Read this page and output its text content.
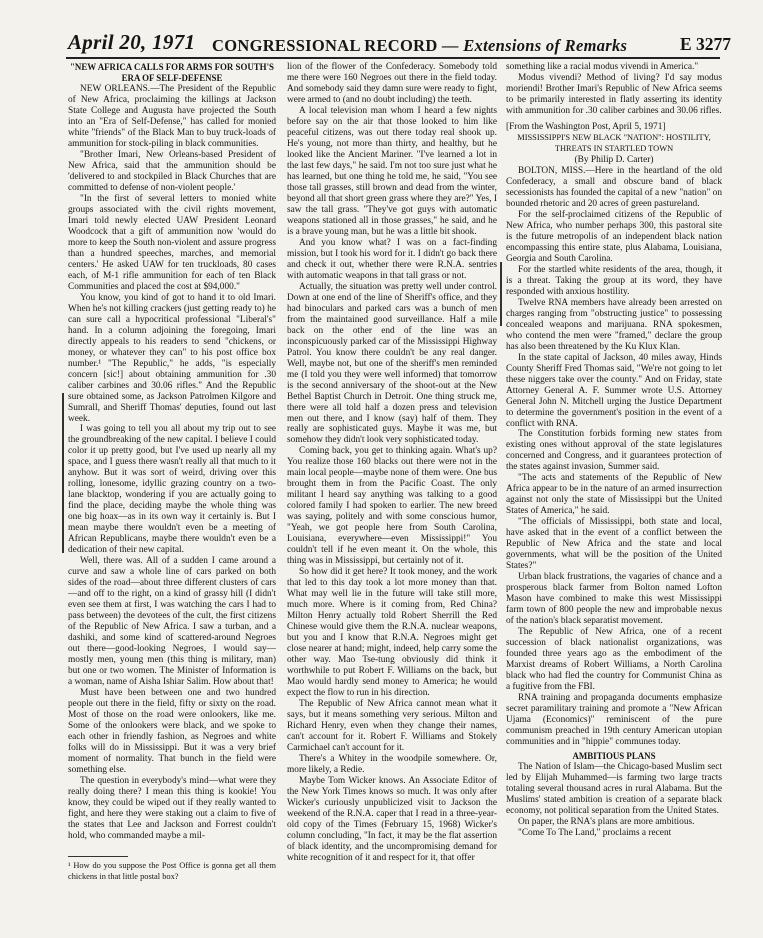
April 20, 1971 CONGRESSIONAL RECORD — Extensions of Remarks	E 3277

"NEW AFRICA CALLS FOR ARMS FOR SOUTH'S ERA OF SELF-DEFENSE

NEW ORLEANS.—The President of the Republic of New Africa, proclaiming the killings at Jackson State College and Augusta have projected the South into an "Era of Self-Defense," has called for monied white "friends" of the Black Man to buy truck-loads of ammunition for stock-piling in black communities.

"Brother Imari, New Orleans-based President of New Africa, said that the ammunition should be 'delivered to and stockpiled in Black Churches that are committed to defense of non-violent people.'

"In the first of several letters to monied white groups associated with the civil rights movement, Imari told newly elected UAW President Leonard Woodcock that a gift of ammunition now 'would do more to keep the South non-violent and assure progress than a hundred speeches, marches, and memorial centers.' He asked UAW for ten truckloads, 80 cases each, of M-1 rifle ammunition for each of ten Black Communities and placed the cost at $94,000."

You know, you kind of got to hand it to old Imari. When he's not killing crackers (just getting ready to) he can sure call a hypocritical professional "Liberal's" hand. In a column adjoining the foregoing, Imari directly appeals to his readers to send "chickens, or money, or whatever they can" to his post office box number.¹ "The Republic," he adds, "is especially concern [sic!] about obtaining ammunition for .30 caliber carbines and 30.06 rifles." And the Republic sure obtained some, as Jackson Patrolmen Kilgore and Sumrall, and Sheriff Thomas' deputies, found out last week.

I was going to tell you all about my trip out to see the groundbreaking of the new capital. I believe I could color it up pretty good, but I've used up nearly all my space, and I guess there wasn't really all that much to it anyhow. But it was sort of weird, driving over this rolling, lonesome, idyllic grazing country on a two-lane blacktop, wondering if you are actually going to find the place, deciding maybe the whole thing was one big hoax—as in its own way it certainly is. But I mean maybe there wouldn't even be a meeting of African Republicans, maybe there wouldn't even be a dedication of their new capital.

Well, there was. All of a sudden I came around a curve and saw a whole line of cars parked on both sides of the road—about three different clusters of cars—and off to the right, on a kind of grassy hill (I didn't even see them at first, I was watching the cars I had to pass between) the devotees of the cult, the first citizens of the Republic of New Africa. I saw a turban, and a dashiki, and some kind of scattered-around Negroes out there—good-looking Negroes, I would say—mostly men, young men (this thing is military, man) but one or two women. The Minister of Information is a woman, name of Aisha Ishiar Salim. How about that!

Must have been between one and two hundred people out there in the field, fifty or sixty on the road. Most of those on the road were onlookers, like me. Some of the onlookers were black, and we spoke to each other in friendly fashion, as Negroes and white folks will do in Mississippi. But it was a very brief moment of normality. That bunch in the field were something else.

The question in everybody's mind—what were they really doing there? I mean this thing is kookie! You know, they could be wiped out if they really wanted to fight, and here they were staking out a claim to five of the states that Lee and Jackson and Forrest couldn't hold, who commanded maybe a mil-

¹ How do you suppose the Post Office is gonna get all them chickens in that little postal box?

lion of the flower of the Confederacy. Somebody told me there were 160 Negroes out there in the field today. And somebody said they damn sure were ready to fight, were armed to (and no doubt including) the teeth.

A local television man whom I heard a few nights before say on the air that those looked to him like peaceful citizens, was out there today real shook up. He's young, not more than thirty, and healthy, but he looked like the Ancient Mariner. "I've learned a lot in the last few days," he said. I'm not too sure just what he has learned, but one thing he told me, he said, "You see those tall grasses, still brown and dead from the winter, beyond all that short green grass where they are?" Yes, I saw the tall grass. "They've got guys with automatic weapons stationed all in those grasses," he said, and he is a brave young man, but he was a little bit shook.

And you know what? I was on a fact-finding mission, but I took his word for it. I didn't go back there and check it out, whether there were R.N.A. sentries with automatic weapons in that tall grass or not.

Actually, the situation was pretty well under control. Down at one end of the line of Sheriff's office, and they had binoculars and parked cars was a bunch of men from the maintained good surveillance. Half a mile back on the other end of the line was an inconspicuously parked car of the Mississippi Highway Patrol. You know there couldn't be any real danger. Well, maybe not, but one of the sheriff's men reminded me (I told you they were well informed) that tomorrow is the second anniversary of the shoot-out at the New Bethel Baptist Church in Detroit. One thing struck me, there were all told half a dozen press and television men out there, and I know (say) half of them. They really are sophisticated guys. Maybe it was me, but somehow they didn't look very sophisticated today.

Coming back, you get to thinking again. What's up? You realize those 160 blacks out there were not in the main local people—maybe none of them were. One bus brought them in from the Pacific Coast. The only militant I heard say anything was talking to a good colored family I had spoken to earlier. The new breed was saying, politely and with some conscious humor, "Yeah, we got people here from South Carolina, Louisiana, everywhere—even Mississippi!" You couldn't tell if he even meant it. On the whole, this thing was in Mississippi, but certainly not of it.

So how did it get here? It took money, and the work that led to this day took a lot more money than that. What may well lie in the future will take still more, much more. Where is it coming from, Red China? Milton Henry actually told Robert Sherrill the Red Chinese would give them the R.N.A. nuclear weapons, but you and I know that R.N.A. Negroes might get close nearer at hand; might, indeed, help carry some the other way. Mao Tse-tung obviously did think it worthwhile to put Robert F. Williams on the back, but Mao would hardly send money to America; he would expect the flow to run in his direction.

The Republic of New Africa cannot mean what it says, but it means something very serious. Milton and Richard Henry, even when they change their names, can't account for it. Robert F. Williams and Stokely Carmichael can't account for it.

There's a Whitey in the woodpile somewhere. Or, more likely, a Redie.

Maybe Tom Wicker knows. An Associate Editor of the New York Times knows so much. It was only after Wicker's curiously unpublicized visit to Jackson the weekend of the R.N.A. caper that I read in a three-year-old copy of the Times (February 15, 1968) Wicker's column concluding, "In fact, it may be the flat assertion of black identity, and the uncompromising demand for white recognition of it and respect for it, that offer

something like a racial modus vivendi in America."

Modus vivendi? Method of living? I'd say modus moriendi! Brother Imari's Republic of New Africa seems to be primarily interested in flatly asserting its identity with ammunition for .30 caliber carbines and 30.06 rifles.

[From the Washington Post, April 5, 1971]

MISSISSIPPI'S NEW BLACK "NATION": HOSTILITY, THREATS IN STARTLED TOWN

(By Philip D. Carter)

BOLTON, MISS.—Here in the heartland of the old Confederacy, a small and obscure band of black secessionists has founded the capital of a new "nation" on bounded rhetoric and 20 acres of green pastureland.

For the self-proclaimed citizens of the Republic of New Africa, who number perhaps 300, this pastoral site is the future metropolis of an independent black nation encompassing this entire state, plus Alabama, Louisiana, Georgia and South Carolina.

For the startled white residents of the area, though, it is a threat. Taking the group at its word, they have responded with anxious hostility.

Twelve RNA members have already been arrested on charges ranging from "obstructing justice" to possessing concealed weapons and marijuana. RNA spokesmen, who contend the men were "framed," declare the group has also been threatened by the Ku Klux Klan.

In the state capital of Jackson, 40 miles away, Hinds County Sheriff Fred Thomas said, "We're not going to let these niggers take over the county." And on Friday, state Attorney General A. F. Summer wrote U.S. Attorney General John N. Mitchell urging the Justice Department to determine the government's position in the event of a conflict with RNA.

The Constitution forbids forming new states from existing ones without approval of the state legislatures concerned and Congress, and it guarantees protection of the states against invasion, Summer said.

"The acts and statements of the Republic of New Africa appear to be in the nature of an armed insurrection against not only the state of Mississippi but the United States of America," he said.

"The officials of Mississippi, both state and local, have asked that in the event of a conflict between the Republic of New Africa and the state and local governments, what will be the position of the United States?"

Urban black frustrations, the vagaries of chance and a prosperous black farmer from Bolton named Lofton Mason have combined to make this west Mississippi farm town of 800 people the new and improbable nexus of the nation's black separatist movement.

The Republic of New Africa, one of a recent succession of black nationalist organizations, was founded three years ago as the embodiment of the Marxist dreams of Robert Williams, a North Carolina black who had fled the country for Communist China as a fugitive from the FBI.

RNA training and propaganda documents emphasize secret paramilitary training and promote a "New African Ujama (Economics)" reminiscent of the pure communism preached in 19th century American utopian communities and in "hippie" communes today.

AMBITIOUS PLANS

The Nation of Islam—the Chicago-based Muslim sect led by Elijah Muhammed—is farming two large tracts totaling several thousand acres in rural Alabama. But the Muslims' stated ambition is creation of a separate black economy, not political separation from the United States.

On paper, the RNA's plans are more ambitious.

"Come To The Land," proclaims a recent
